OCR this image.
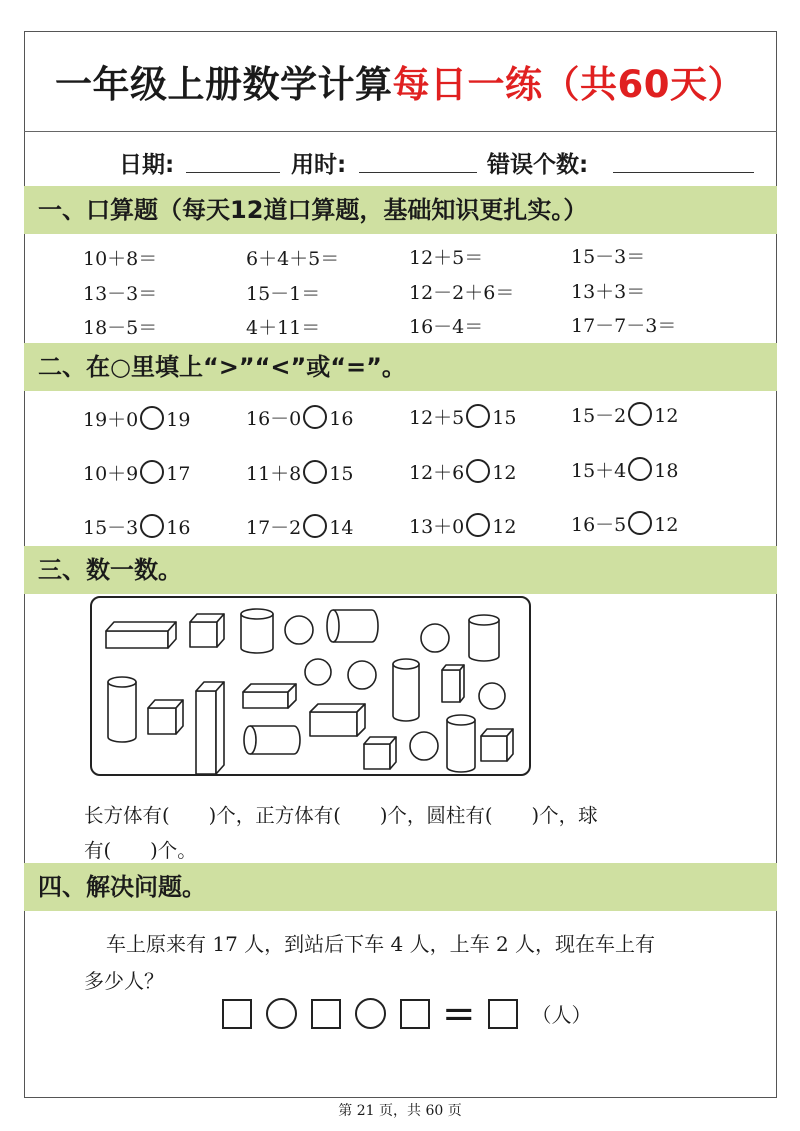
一年级上册数学计算每日一练（共60天）
日期:	用时:	错误个数:
一、口算题（每天12道口算题，基础知识更扎实。）
10＋8＝	6＋4＋5＝	12＋5＝	15－3＝
13－3＝	15－1＝	12－2＋6＝	13＋3＝
18－5＝	4＋11＝	16－4＝	17－7－3＝
二、在○里填上“>”“<”或“=”。
19＋0 19	16－0 16	12＋5 15	15－2 12
10＋9 17	11＋8 15	12＋6 12	15＋4 18
15－3 16	17－2 14	13＋0 12	16－5 12
三、数一数。
长方体有(　　)个，正方体有(　　)个，圆柱有(　　)个，球
有(　　)个。
四、解决问题。
车上原来有 17 人，到站后下车 4 人，上车 2 人，现在车上有
多少人？
=	（人）
第 21 页，共 60 页
